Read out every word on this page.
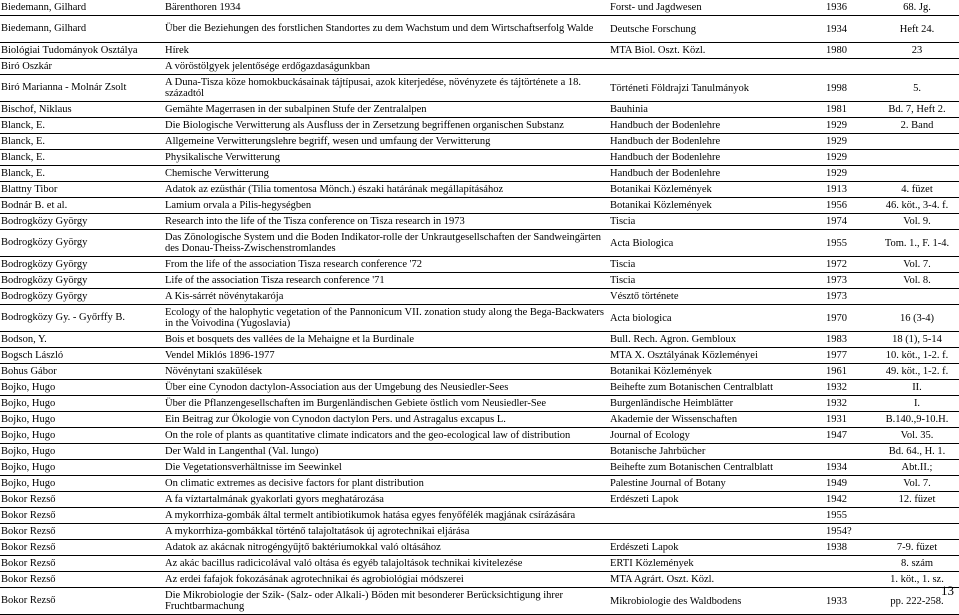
Biedemann, Gilhard	Bärenthoren 1934	Forst- und Jagdwesen	1936	68. Jg.
Biedemann, Gilhard	Über die Beziehungen des forstlichen Standortes zu dem Wachstum und dem Wirtschaftserfolg Walde	Deutsche Forschung	1934	Heft 24.
Biológiai Tudományok Osztálya	Hírek	MTA Biol. Oszt. Közl.	1980	23
Biró Oszkár	A vöröstölgyek jelentősége erdőgazdaságunkban			
Biró Marianna - Molnár Zsolt	A Duna-Tisza köze homokbuckásainak tájtípusai, azok kiterjedése, növényzete és tájtörténete a 18. századtól	Történeti Földrajzi Tanulmányok	1998	5.
Bischof, Niklaus	Gemähte Magerrasen in der subalpinen Stufe der Zentralalpen	Bauhinia	1981	Bd. 7, Heft 2.
Blanck, E.	Die Biologische Verwitterung als Ausfluss der in Zersetzung begriffenen organischen Substanz	Handbuch der Bodenlehre	1929	2. Band
Blanck, E.	Allgemeine Verwitterungslehre begriff, wesen und umfaung der Verwitterung	Handbuch der Bodenlehre	1929	
Blanck, E.	Physikalische Verwitterung	Handbuch der Bodenlehre	1929	
Blanck, E.	Chemische Verwitterung	Handbuch der Bodenlehre	1929	
Blattny Tibor	Adatok az ezüsthár (Tilia tomentosa Mönch.) északi határának megállapításához	Botanikai Közlemények	1913	4. füzet
Bodnár B. et al.	Lamium orvala a Pilis-hegységben	Botanikai Közlemények	1956	46. köt., 3-4. f.
Bodrogközy György	Research into the life of the Tisza conference on Tisza research in 1973	Tiscia	1974	Vol. 9.
Bodrogközy György	Das Zönologische System und die Boden Indikator-rolle der Unkrautgesellschaften der Sandweingärten des Donau-Theiss-Zwischenstromlandes	Acta Biologica	1955	Tom. 1., F. 1-4.
Bodrogközy György	From the life of the association Tisza research conference '72	Tiscia	1972	Vol. 7.
Bodrogközy György	Life of the association Tisza research conference '71	Tiscia	1973	Vol. 8.
Bodrogközy György	A Kis-sárrét növénytakarója	Vésztő története	1973	
Bodrogközy Gy. - Győrffy B.	Ecology of the halophytic vegetation of the Pannonicum VII. zonation study along the Bega-Backwaters in the Voivodina (Yugoslavia)	Acta biologica	1970	16 (3-4)
Bodson, Y.	Bois et bosquets des vallées de la Mehaigne et la Burdinale	Bull. Rech. Agron. Gembloux	1983	18 (1), 5-14
Bogsch László	Vendel Miklós 1896-1977	MTA X. Osztályának Közleményei	1977	10. köt., 1-2. f.
Bohus Gábor	Növénytani szakülések	Botanikai Közlemények	1961	49. köt., 1-2. f.
Bojko, Hugo	Über eine Cynodon dactylon-Association aus der Umgebung des Neusiedler-Sees	Beihefte zum Botanischen Centralblatt	1932	II.
Bojko, Hugo	Über die Pflanzengesellschaften im Burgenländischen Gebiete östlich vom Neusiedler-See	Burgenländische Heimblätter	1932	I.
Bojko, Hugo	Ein Beitrag zur Ökologie von Cynodon dactylon Pers. und Astragalus excapus L.	Akademie der Wissenschaften	1931	B.140.,9-10.H.
Bojko, Hugo	On the role of plants as quantitative climate indicators and the geo-ecological law of distribution	Journal of Ecology	1947	Vol. 35.
Bojko, Hugo	Der Wald in Langenthal (Val. lungo)	Botanische Jahrbücher		Bd. 64., H. 1.
Bojko, Hugo	Die Vegetationsverhältnisse im Seewinkel	Beihefte zum Botanischen Centralblatt	1934	Abt.II.;
Bojko, Hugo	On climatic extremes as decisive factors for plant distribution	Palestine Journal of Botany	1949	Vol. 7.
Bokor Rezső	A fa víztartalmának gyakorlati gyors meghatározása	Erdészeti Lapok	1942	12. füzet
Bokor Rezső	A mykorrhiza-gombák által termelt antibiotikumok hatása egyes fenyőfélék magjának csírázására		1955	
Bokor Rezső	A mykorrhiza-gombákkal történő talajoltatások új agrotechnikai eljárása		1954?	
Bokor Rezső	Adatok az akácnak nitrogéngyűjtő baktériumokkal való oltásához	Erdészeti Lapok	1938	7-9. füzet
Bokor Rezső	Az akác bacillus radicicolával való oltása és egyéb talajoltások technikai kivitelezése	ERTI Közlemények		8. szám
Bokor Rezső	Az erdei fafajok fokozásának agrotechnikai és agrobiológiai módszerei	MTA Agrárt. Oszt. Közl.		1. köt., 1. sz.
Bokor Rezső	Die Mikrobiologie der Szik- (Salz- oder Alkali-) Böden mit besonderer Berücksichtigung ihrer Fruchtbarmachung	Mikrobiologie des Waldbodens	1933	pp. 222-258.
13
